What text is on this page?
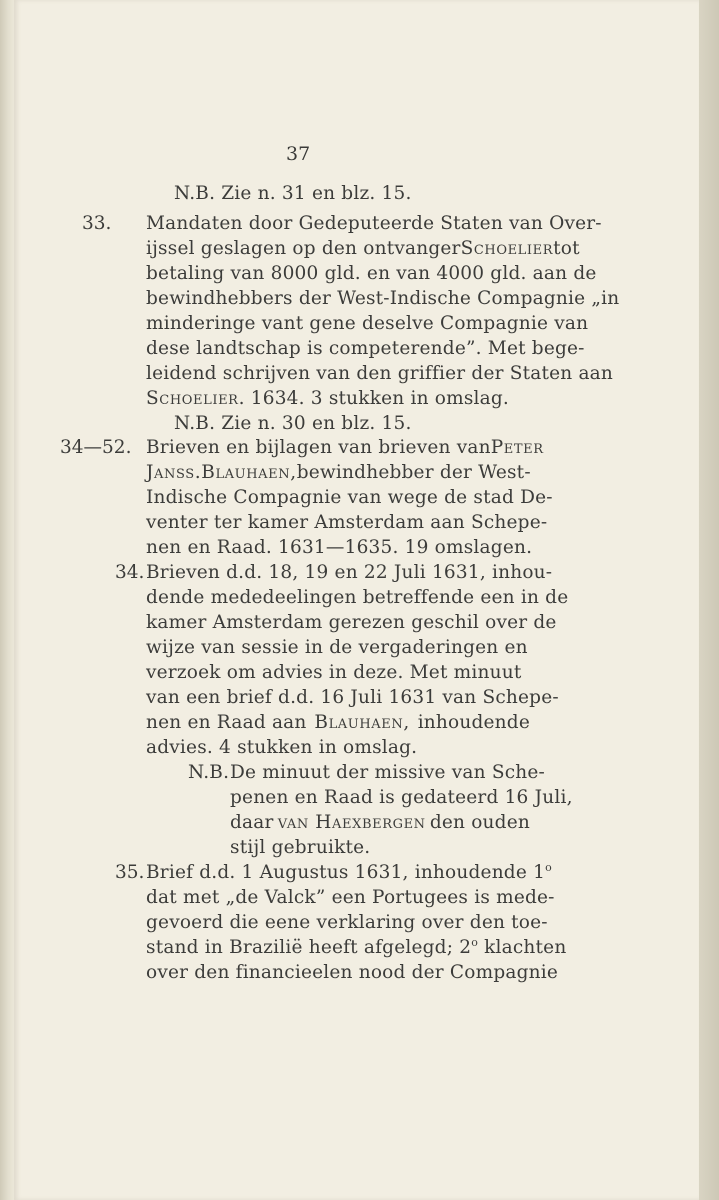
37
N.B. Zie n. 31 en blz. 15.
33. Mandaten door Gedeputeerde Staten van Over-
ijssel geslagen op den ontvanger Schoelier tot
betaling van 8000 gld. en van 4000 gld. aan de
bewindhebbers der West-Indische Compagnie „in
minderinge vant gene deselve Compagnie van
dese landtschap is competerende”. Met bege-
leidend schrijven van den griffier der Staten aan
Schoelier. 1634. 3 stukken in omslag.
N.B. Zie n. 30 en blz. 15.
34—52. Brieven en bijlagen van brieven van Peter
Janss. Blauhaen, bewindhebber der West-
Indische Compagnie van wege de stad De-
venter ter kamer Amsterdam aan Schepe-
nen en Raad. 1631—1635. 19 omslagen.
34. Brieven d.d. 18, 19 en 22 Juli 1631, inhou-
dende mededeelingen betreffende een in de
kamer Amsterdam gerezen geschil over de
wijze van sessie in de vergaderingen en
verzoek om advies in deze. Met minuut
van een brief d.d. 16 Juli 1631 van Schepe-
nen en Raad aan Blauhaen, inhoudende
advies. 4 stukken in omslag.
N.B. De minuut der missive van Sche-
penen en Raad is gedateerd 16 Juli,
daar van Haexbergen den ouden
stijl gebruikte.
35. Brief d.d. 1 Augustus 1631, inhoudende 1$^o$
dat met „de Valck” een Portugees is mede-
gevoerd die eene verklaring over den toe-
stand in Brazilië heeft afgelegd; 2$^o$ klachten
over den financieelen nood der Compagnie
